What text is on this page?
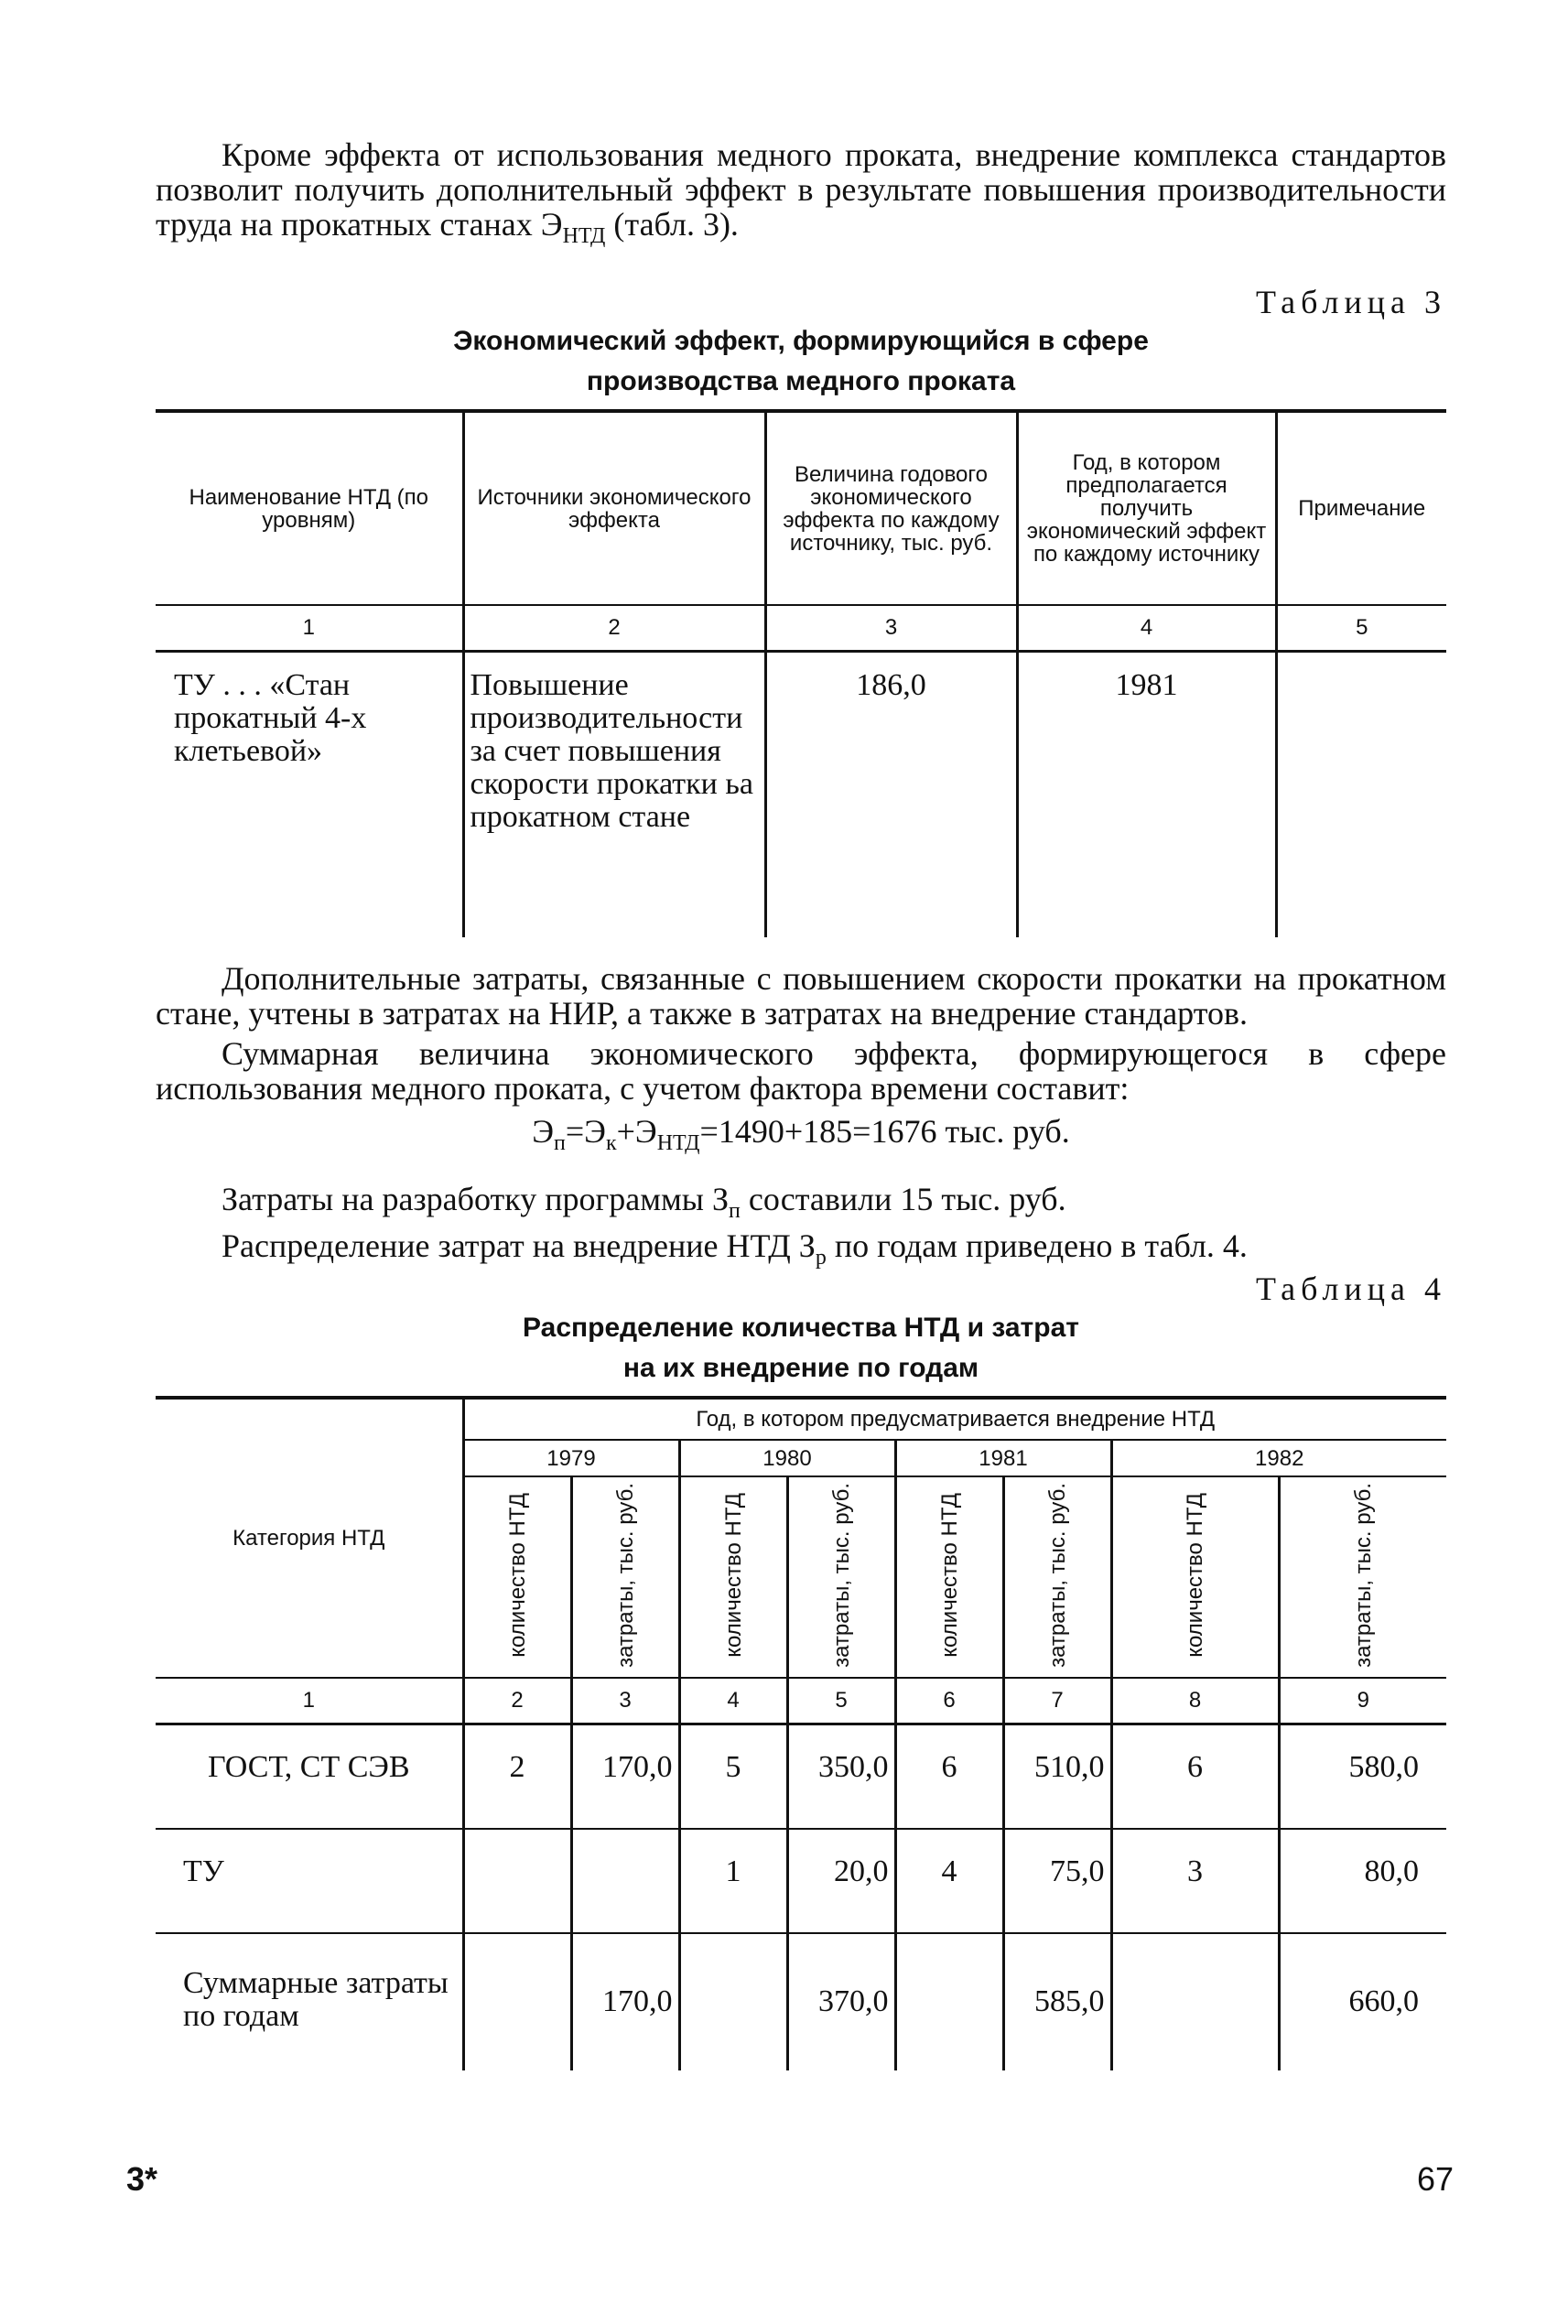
Кроме эффекта от использования медного проката, внедрение комплекса стандартов позволит получить дополнительный эффект в результате повышения производительности труда на прокатных станах $Э_{НТД}$ (табл. 3).

Таблица 3

Экономический эффект, формирующийся в сфере
производства медного проката
Наименование НТД (по уровням)	Источники экономического эффекта	Величина годового экономического эффекта по каждому источнику, тыс. руб.	Год, в котором предполагается получить экономический эффект по каждому источнику	Примечание
1	2	3	4	5
ТУ . . . «Стан прокатный 4-х клетьевой»	Повышение производительности за счет повышения скорости прокатки ьа прокатном стане	186,0	1981	

Дополнительные затраты, связанные с повышением скорости прокатки на прокатном стане, учтены в затратах на НИР, а также в затратах на внедрение стандартов.

Суммарная величина экономического эффекта, формирующегося в сфере использования медного проката, с учетом фактора времени составит:

$Э_п=Э_к+Э_{НТД}=1490+185=1676$ тыс. руб.

Затраты на разработку программы $З_п$ составили 15 тыс. руб.

Распределение затрат на внедрение НТД $З_р$ по годам приведено в табл. 4.

Таблица 4

Распределение количества НТД и затрат
на их внедрение по годам
Категория НТД	Год, в котором предусматривается внедрение НТД							
	1979		1980		1981		1982	
	количество НТД	затраты, тыс. руб.	количество НТД	затраты, тыс. руб.	количество НТД	затраты, тыс. руб.	количество НТД	затраты, тыс. руб.
1	2	3	4	5	6	7	8	9
ГОСТ, СТ СЭВ	2	170,0	5	350,0	6	510,0	6	580,0
ТУ			1	20,0	4	75,0	3	80,0
Суммарные затраты по годам		170,0		370,0		585,0		660,0
3*	67
